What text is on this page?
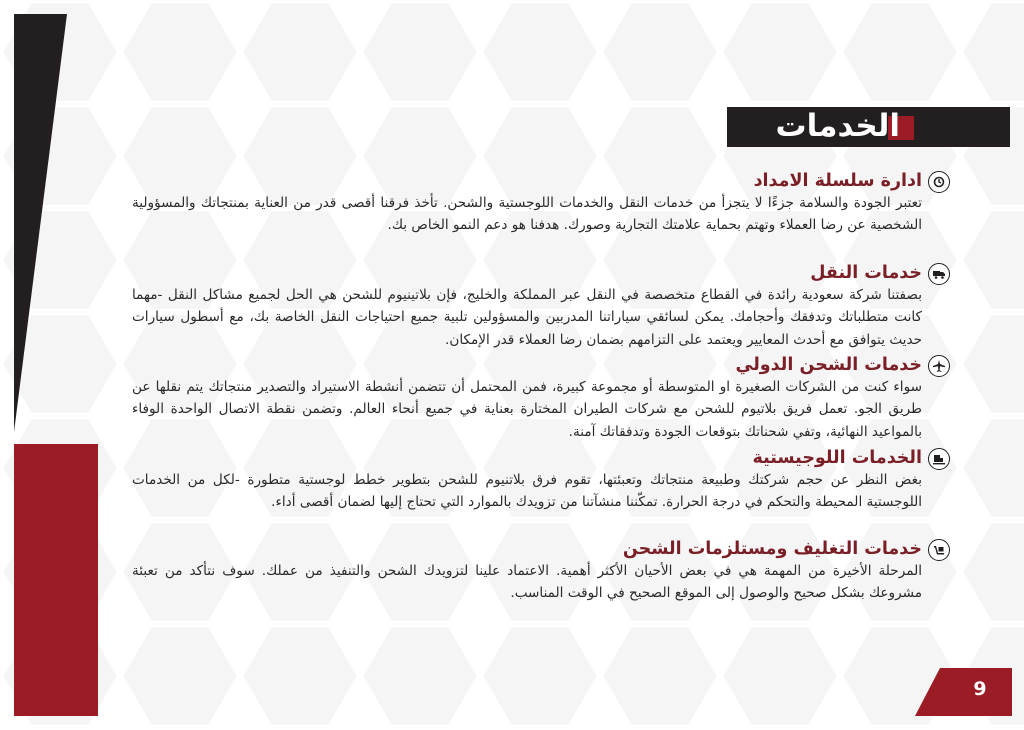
الخدمات
ادارة سلسلة الامداد
تعتبر الجودة والسلامة جزءًا لا يتجزأ من خدمات النقل والخدمات اللوجستية والشحن. تأخذ فرقنا أقصى قدر من العناية بمنتجاتك والمسؤولية الشخصية عن رضا العملاء وتهتم بحماية علامتك التجارية وصورك. هدفنا هو دعم النمو الخاص بك.
خدمات النقل
بصفتنا شركة سعودية رائدة في القطاع متخصصة في النقل عبر المملكة والخليج، فإن بلاتينيوم للشحن هي الحل لجميع مشاكل النقل -مهما كانت متطلباتك وتدفقك وأحجامك. يمكن لسائقي سياراتنا المدربين والمسؤولين تلبية جميع احتياجات النقل الخاصة بك، مع أسطول سيارات حديث يتوافق مع أحدث المعايير ويعتمد على التزامهم بضمان رضا العملاء قدر الإمكان.
خدمات الشحن الدولي
سواء كنت من الشركات الصغيرة او المتوسطة أو مجموعة كبيرة، فمن المحتمل أن تتضمن أنشطة الاستيراد والتصدير منتجاتك يتم نقلها عن طريق الجو. تعمل فريق بلاتيوم للشحن مع شركات الطيران المختارة بعناية في جميع أنحاء العالم. وتضمن نقطة الاتصال الواحدة الوفاء بالمواعيد النهائية، وتفي شحناتك بتوقعات الجودة وتدفقاتك آمنة.
الخدمات اللوجيستية
بغض النظر عن حجم شركتك وطبيعة منتجاتك وتعبئتها، تقوم فرق بلاتنيوم للشحن بتطوير خطط لوجستية متطورة -لكل من الخدمات اللوجستية المحيطة والتحكم في درجة الحرارة. تمكّننا منشآتنا من تزويدك بالموارد التي تحتاج إليها لضمان أقصى أداء.
خدمات التغليف ومستلزمات الشحن
المرحلة الأخيرة من المهمة هي في بعض الأحيان الأكثر أهمية. الاعتماد علينا لتزويدك الشحن والتنفيذ من عملك. سوف نتأكد من تعبئة مشروعك بشكل صحيح والوصول إلى الموقع الصحيح في الوقت المناسب.
9
